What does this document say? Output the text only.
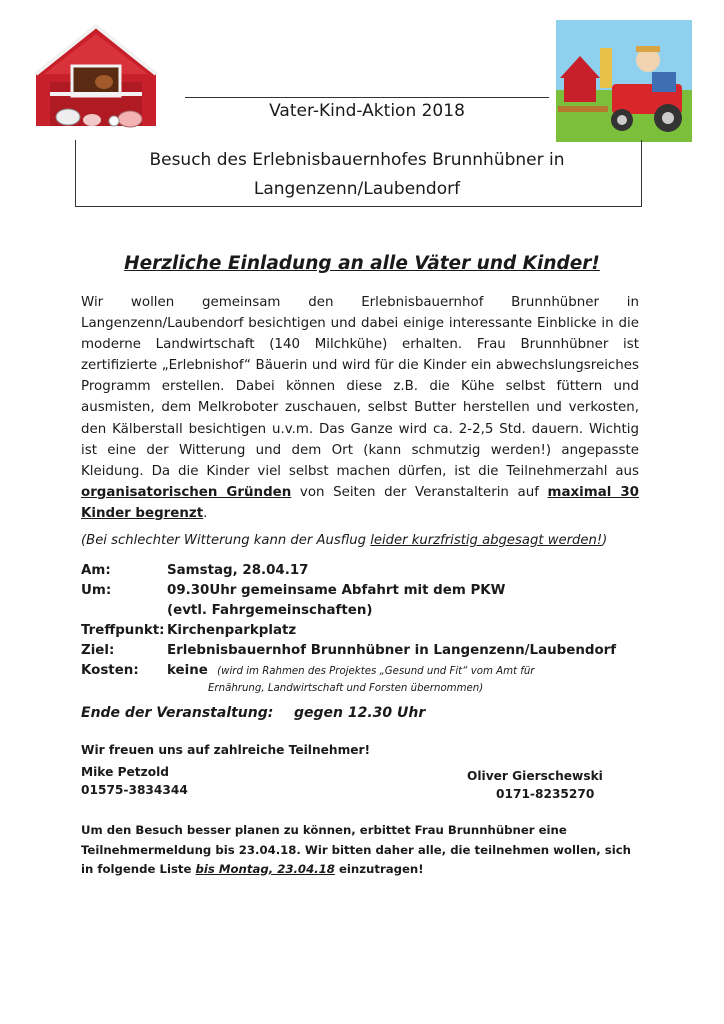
Vater-Kind-Aktion 2018
Besuch des Erlebnisbauernhofes Brunnhübner in
Langenzenn/Laubendorf
Herzliche Einladung an alle Väter und Kinder!

Wir wollen gemeinsam den Erlebnisbauernhof Brunnhübner in Langenzenn/Laubendorf besichtigen und dabei einige interessante Einblicke in die moderne Landwirtschaft (140 Milchkühe) erhalten. Frau Brunnhübner ist zertifizierte „Erlebnishof“ Bäuerin und wird für die Kinder ein abwechslungsreiches Programm erstellen. Dabei können diese z.B. die Kühe selbst füttern und ausmisten, dem Melkroboter zuschauen, selbst Butter herstellen und verkosten, den Kälberstall besichtigen u.v.m. Das Ganze wird ca. 2-2,5 Std. dauern. Wichtig ist eine der Witterung und dem Ort (kann schmutzig werden!) angepasste Kleidung. Da die Kinder viel selbst machen dürfen, ist die Teilnehmerzahl aus organisatorischen Gründen von Seiten der Veranstalterin auf maximal 30 Kinder begrenzt.

(Bei schlechter Witterung kann der Ausflug leider kurzfristig abgesagt werden!)
Am:	Samstag, 28.04.17
Um:	09.30Uhr gemeinsame Abfahrt mit dem PKW
(evtl. Fahrgemeinschaften)
Treffpunkt: Kirchenparkplatz
Ziel:	Erlebnisbauernhof Brunnhübner in Langenzenn/Laubendorf
Kosten: keine (wird im Rahmen des Projektes „Gesund und Fit“ vom Amt für
Ernährung, Landwirtschaft und Forsten übernommen)
Ende der Veranstaltung: gegen 12.30 Uhr
Wir freuen uns auf zahlreiche Teilnehmer!
Mike Petzold
01575-3834344
Oliver Gierschewski
0171-8235270
Um den Besuch besser planen zu können, erbittet Frau Brunnhübner eine Teilnehmermeldung bis 23.04.18. Wir bitten daher alle, die teilnehmen wollen, sich in folgende Liste bis Montag, 23.04.18 einzutragen!
